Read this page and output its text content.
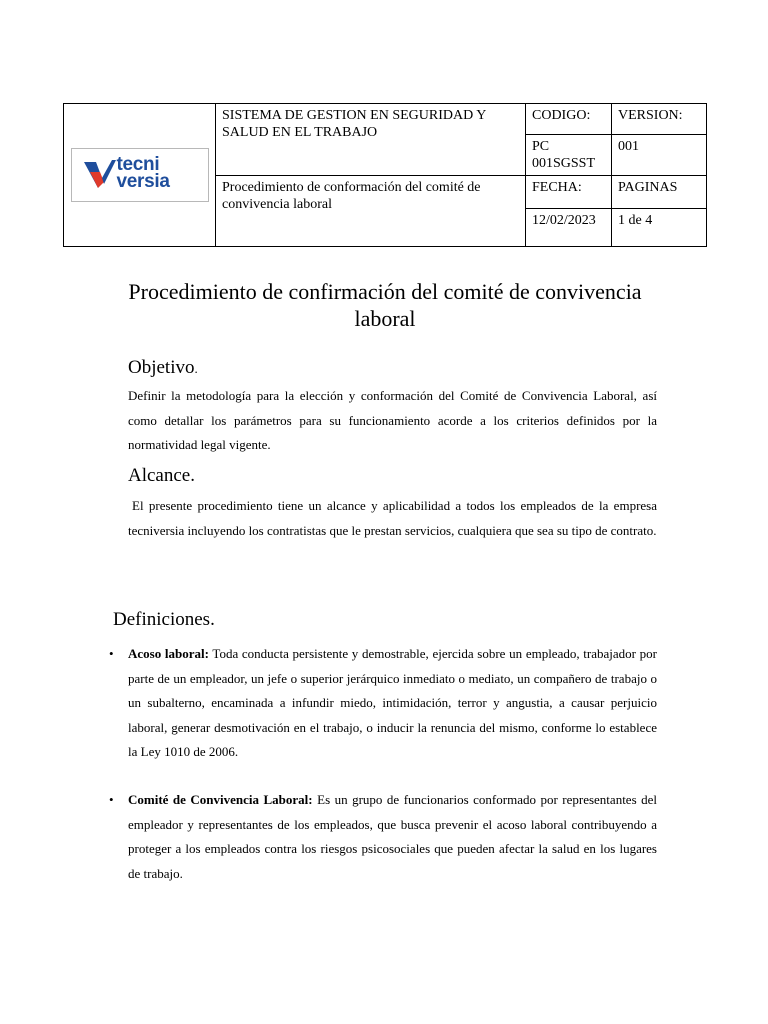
tecni
versia	SISTEMA DE GESTION EN SEGURIDAD Y SALUD EN EL TRABAJO	CODIGO:	VERSION:
		PC 001SGSST	001
	Procedimiento de conformación del comité de convivencia laboral	FECHA:	PAGINAS
		12/02/2023	1 de 4
Procedimiento de confirmación del comité de convivencia laboral
Objetivo.

Definir la metodología para la elección y conformación del Comité de Convivencia Laboral, así como detallar los parámetros para su funcionamiento acorde a los criterios definidos por la normatividad legal vigente.

Alcance.

El presente procedimiento tiene un alcance y aplicabilidad a todos los empleados de la empresa tecniversia incluyendo los contratistas que le prestan servicios, cualquiera que sea su tipo de contrato.

Definiciones.
• Acoso laboral: Toda conducta persistente y demostrable, ejercida sobre un empleado, trabajador por parte de un empleador, un jefe o superior jerárquico inmediato o mediato, un compañero de trabajo o un subalterno, encaminada a infundir miedo, intimidación, terror y angustia, a causar perjuicio laboral, generar desmotivación en el trabajo, o inducir la renuncia del mismo, conforme lo establece la Ley 1010 de 2006.

• Comité de Convivencia Laboral: Es un grupo de funcionarios conformado por representantes del empleador y representantes de los empleados, que busca prevenir el acoso laboral contribuyendo a proteger a los empleados contra los riesgos psicosociales que pueden afectar la salud en los lugares de trabajo.
